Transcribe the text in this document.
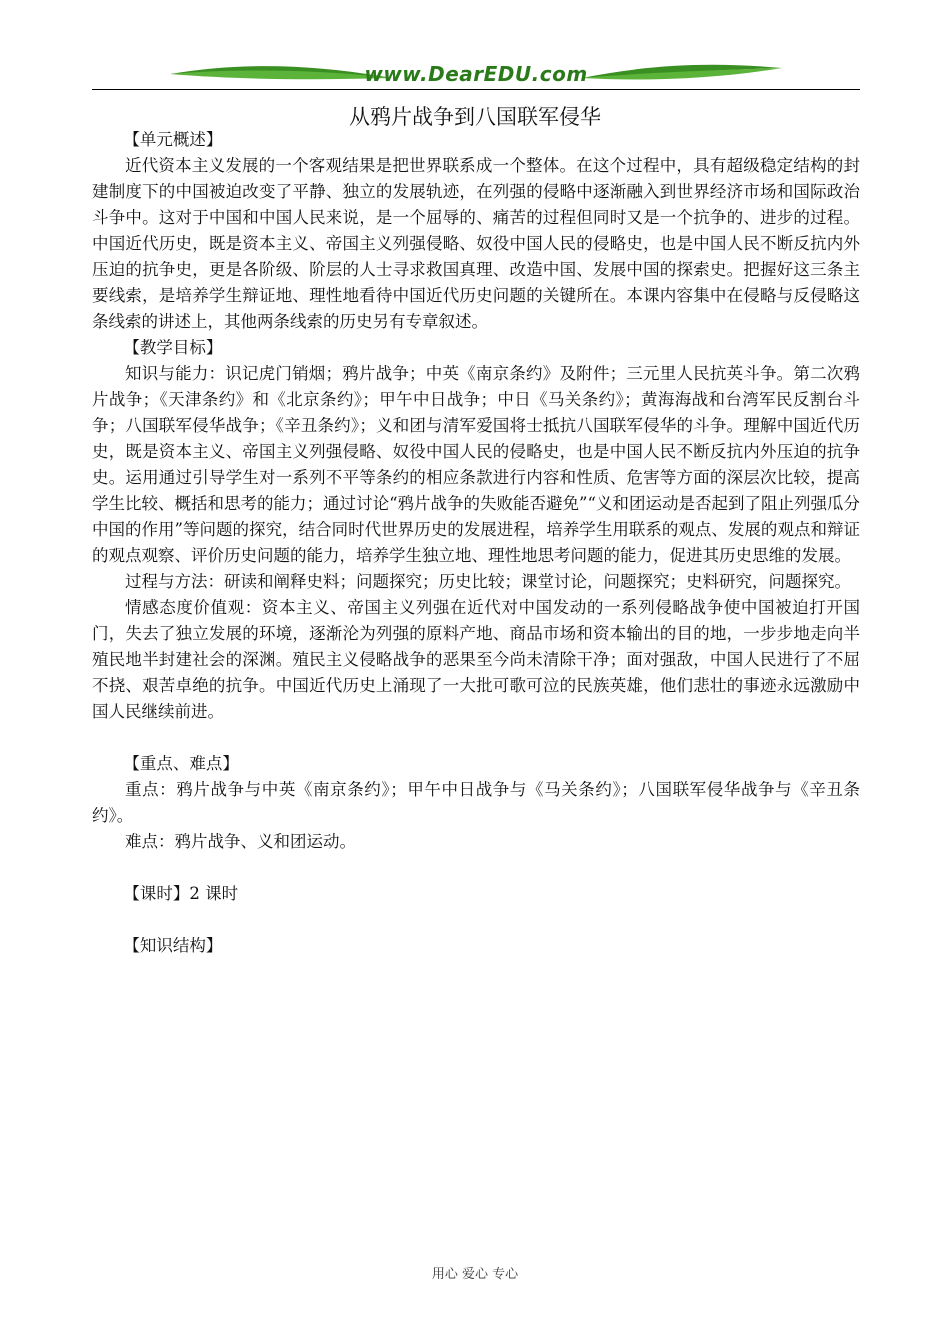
www.DearEDU.com
从鸦片战争到八国联军侵华

【单元概述】

近代资本主义发展的一个客观结果是把世界联系成一个整体。在这个过程中，具有超级稳定结构的封建制度下的中国被迫改变了平静、独立的发展轨迹，在列强的侵略中逐渐融入到世界经济市场和国际政治斗争中。这对于中国和中国人民来说，是一个屈辱的、痛苦的过程但同时又是一个抗争的、进步的过程。中国近代历史，既是资本主义、帝国主义列强侵略、奴役中国人民的侵略史，也是中国人民不断反抗内外压迫的抗争史，更是各阶级、阶层的人士寻求救国真理、改造中国、发展中国的探索史。把握好这三条主要线索，是培养学生辩证地、理性地看待中国近代历史问题的关键所在。本课内容集中在侵略与反侵略这条线索的讲述上，其他两条线索的历史另有专章叙述。

【教学目标】

知识与能力：识记虎门销烟；鸦片战争；中英《南京条约》及附件；三元里人民抗英斗争。第二次鸦片战争；《天津条约》和《北京条约》；甲午中日战争；中日《马关条约》；黄海海战和台湾军民反割台斗争；八国联军侵华战争；《辛丑条约》；义和团与清军爱国将士抵抗八国联军侵华的斗争。理解中国近代历史，既是资本主义、帝国主义列强侵略、奴役中国人民的侵略史，也是中国人民不断反抗内外压迫的抗争史。运用通过引导学生对一系列不平等条约的相应条款进行内容和性质、危害等方面的深层次比较，提高学生比较、概括和思考的能力；通过讨论“鸦片战争的失败能否避免”“义和团运动是否起到了阻止列强瓜分中国的作用”等问题的探究，结合同时代世界历史的发展进程，培养学生用联系的观点、发展的观点和辩证的观点观察、评价历史问题的能力，培养学生独立地、理性地思考问题的能力，促进其历史思维的发展。

过程与方法：研读和阐释史料；问题探究；历史比较；课堂讨论，问题探究；史料研究，问题探究。

情感态度价值观：资本主义、帝国主义列强在近代对中国发动的一系列侵略战争使中国被迫打开国门，失去了独立发展的环境，逐渐沦为列强的原料产地、商品市场和资本输出的目的地，一步步地走向半殖民地半封建社会的深渊。殖民主义侵略战争的恶果至今尚未清除干净；面对强敌，中国人民进行了不屈不挠、艰苦卓绝的抗争。中国近代历史上涌现了一大批可歌可泣的民族英雄，他们悲壮的事迹永远激励中国人民继续前进。

【重点、难点】

重点：鸦片战争与中英《南京条约》；甲午中日战争与《马关条约》；八国联军侵华战争与《辛丑条约》。

难点：鸦片战争、义和团运动。

【课时】2 课时

【知识结构】

用心 爱心 专心
